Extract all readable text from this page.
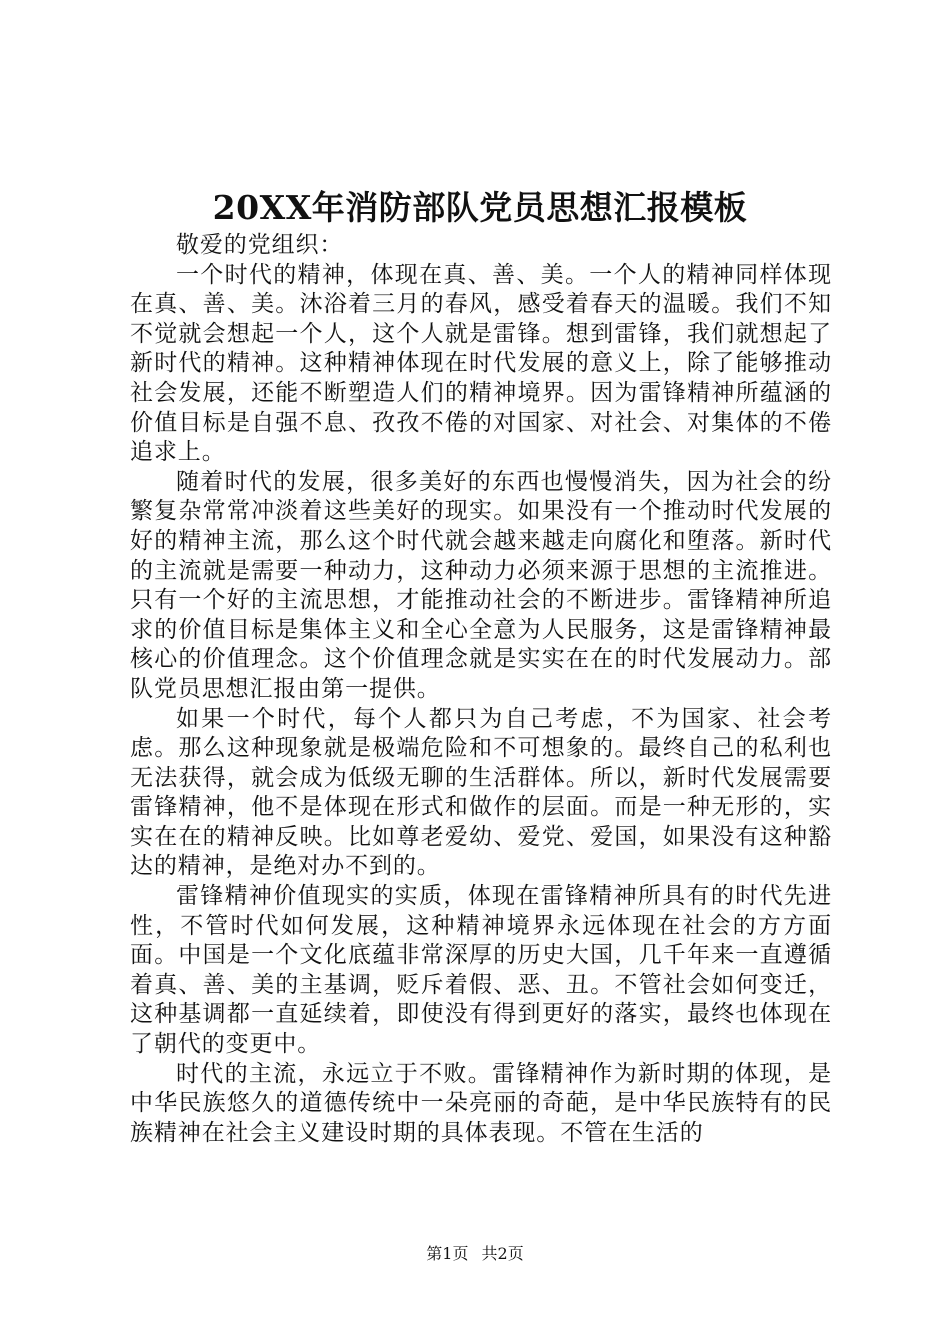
20XX年消防部队党员思想汇报模板

敬爱的党组织：

一个时代的精神，体现在真、善、美。一个人的精神同样体现在真、善、美。沐浴着三月的春风，感受着春天的温暖。我们不知不觉就会想起一个人，这个人就是雷锋。想到雷锋，我们就想起了新时代的精神。这种精神体现在时代发展的意义上，除了能够推动社会发展，还能不断塑造人们的精神境界。因为雷锋精神所蕴涵的价值目标是自强不息、孜孜不倦的对国家、对社会、对集体的不倦追求上。

随着时代的发展，很多美好的东西也慢慢消失，因为社会的纷繁复杂常常冲淡着这些美好的现实。如果没有一个推动时代发展的好的精神主流，那么这个时代就会越来越走向腐化和堕落。新时代的主流就是需要一种动力，这种动力必须来源于思想的主流推进。只有一个好的主流思想，才能推动社会的不断进步。雷锋精神所追求的价值目标是集体主义和全心全意为人民服务，这是雷锋精神最核心的价值理念。这个价值理念就是实实在在的时代发展动力。部队党员思想汇报由第一提供。

如果一个时代，每个人都只为自己考虑，不为国家、社会考虑。那么这种现象就是极端危险和不可想象的。最终自己的私利也无法获得，就会成为低级无聊的生活群体。所以，新时代发展需要雷锋精神，他不是体现在形式和做作的层面。而是一种无形的，实实在在的精神反映。比如尊老爱幼、爱党、爱国，如果没有这种豁达的精神，是绝对办不到的。

雷锋精神价值现实的实质，体现在雷锋精神所具有的时代先进性，不管时代如何发展，这种精神境界永远体现在社会的方方面面。中国是一个文化底蕴非常深厚的历史大国，几千年来一直遵循着真、善、美的主基调，贬斥着假、恶、丑。不管社会如何变迁，这种基调都一直延续着，即使没有得到更好的落实，最终也体现在了朝代的变更中。

时代的主流，永远立于不败。雷锋精神作为新时期的体现，是中华民族悠久的道德传统中一朵亮丽的奇葩，是中华民族特有的民族精神在社会主义建设时期的具体表现。不管在生活的

第1页 共2页
